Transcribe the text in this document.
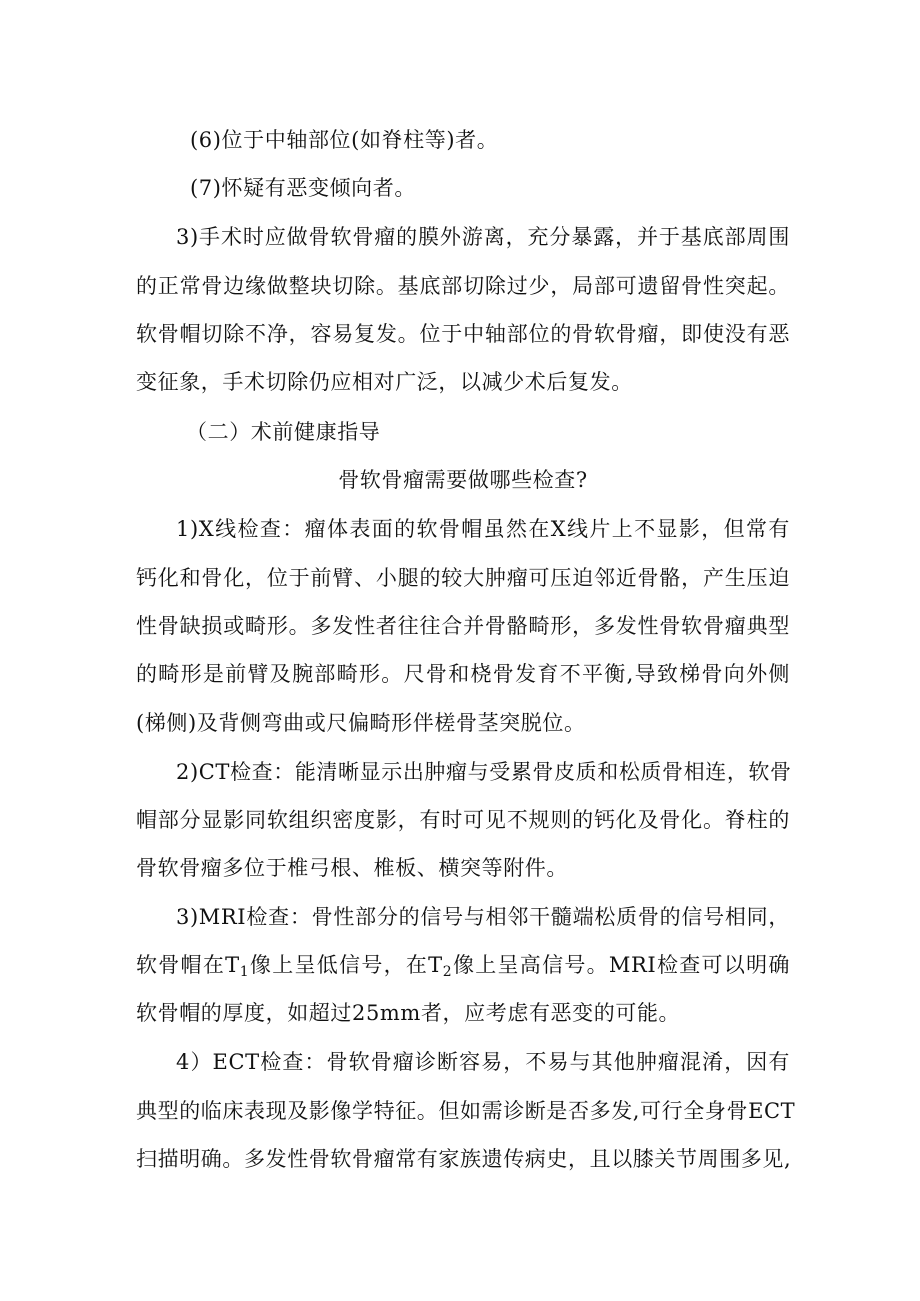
(6)位于中轴部位(如脊柱等)者。
(7)怀疑有恶变倾向者。
3)手术时应做骨软骨瘤的膜外游离，充分暴露，并于基底部周围
的正常骨边缘做整块切除。基底部切除过少，局部可遗留骨性突起。
软骨帽切除不净，容易复发。位于中轴部位的骨软骨瘤，即使没有恶
变征象，手术切除仍应相对广泛，以减少术后复发。
（二）术前健康指导
骨软骨瘤需要做哪些检查?
1)X线检查：瘤体表面的软骨帽虽然在X线片上不显影，但常有
钙化和骨化，位于前臂、小腿的较大肿瘤可压迫邻近骨骼，产生压迫
性骨缺损或畸形。多发性者往往合并骨骼畸形，多发性骨软骨瘤典型
的畸形是前臂及腕部畸形。尺骨和桡骨发育不平衡,导致梯骨向外侧
(梯侧)及背侧弯曲或尺偏畸形伴槎骨茎突脱位。
2)CT检查：能清晰显示出肿瘤与受累骨皮质和松质骨相连，软骨
帽部分显影同软组织密度影，有时可见不规则的钙化及骨化。脊柱的
骨软骨瘤多位于椎弓根、椎板、横突等附件。
3)MRI检查：骨性部分的信号与相邻干髓端松质骨的信号相同，
软骨帽在$T_1$像上呈低信号，在$T_2$像上呈高信号。MRI检查可以明确
软骨帽的厚度，如超过25mm者，应考虑有恶变的可能。
4）ECT检查：骨软骨瘤诊断容易，不易与其他肿瘤混淆，因有
典型的临床表现及影像学特征。但如需诊断是否多发,可行全身骨ECT
扫描明确。多发性骨软骨瘤常有家族遗传病史，且以膝关节周围多见,
